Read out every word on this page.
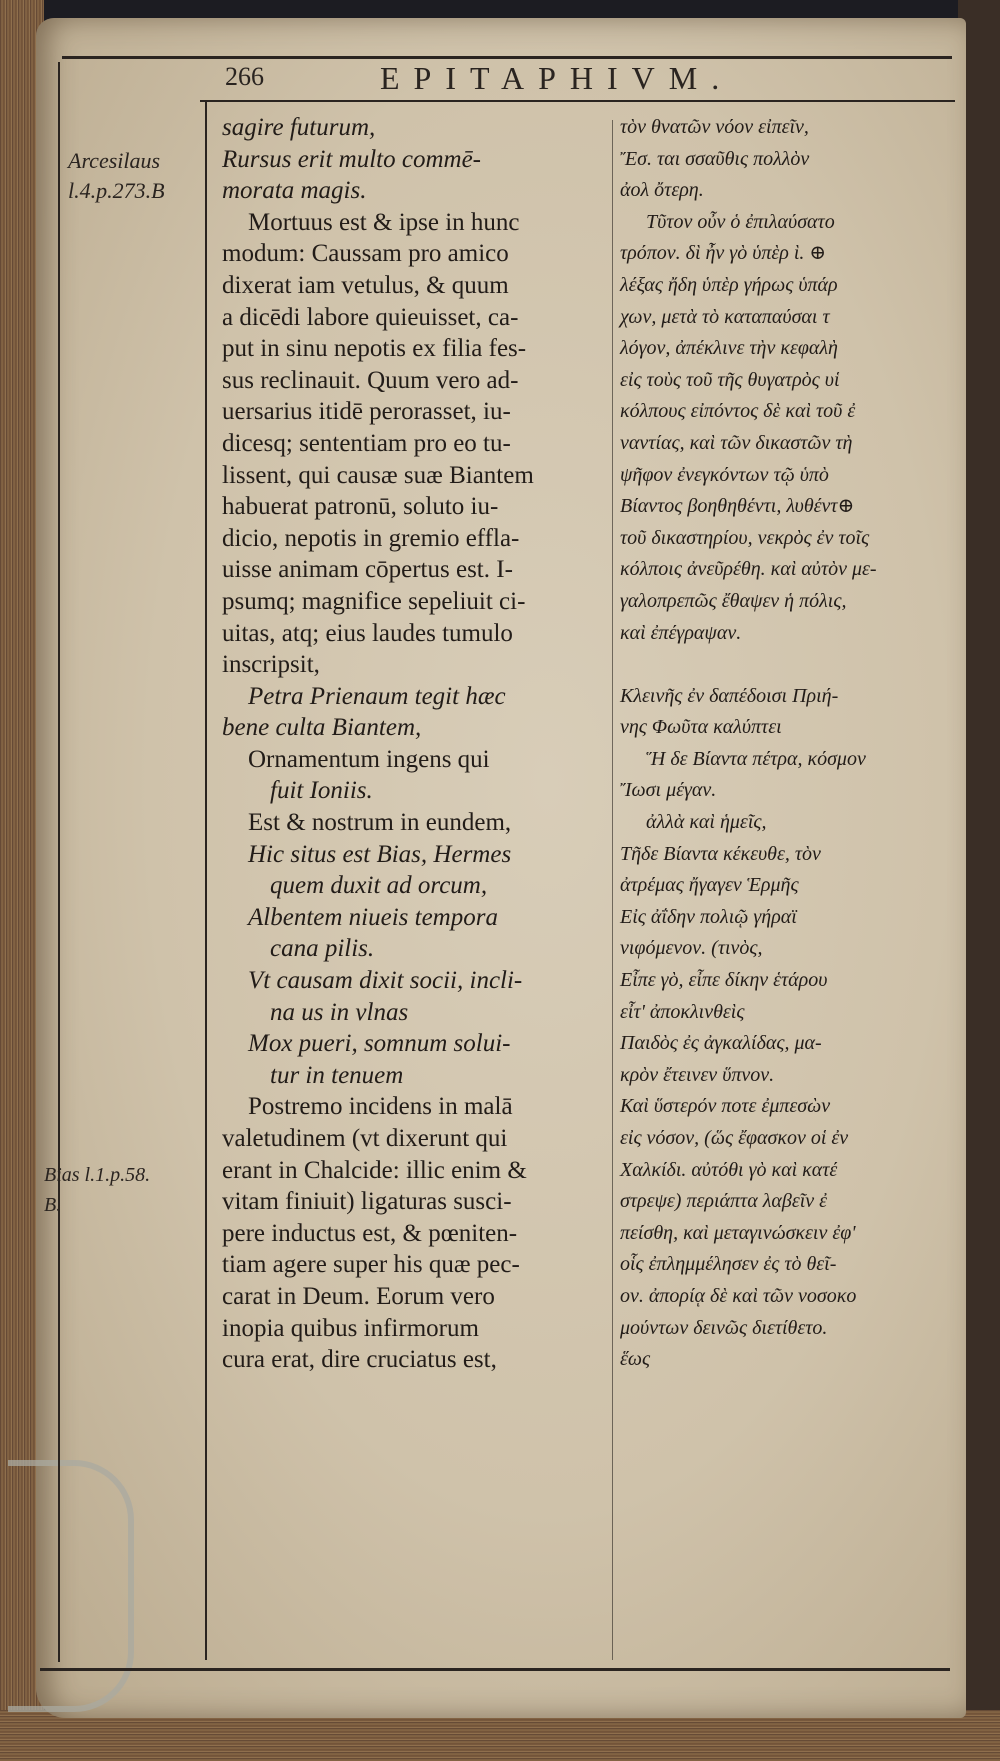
266	EPITAPHIVM.
Arcesilaus
l.4.p.273.B
Bias l.1.p.58.
B.
sagire futurum,
Rursus erit multo commē-
morata magis.
Mortuus est & ipse in hunc
modum: Caussam pro amico
dixerat iam vetulus, & quum
a dicēdi labore quieuisset, ca-
put in sinu nepotis ex filia fes-
sus reclinauit. Quum vero ad-
uersarius itidē perorasset, iu-
dicesq; sententiam pro eo tu-
lissent, qui causæ suæ Biantem
habuerat patronū, soluto iu-
dicio, nepotis in gremio effla-
uisse animam cōpertus est. I-
psumq; magnifice sepeliuit ci-
uitas, atq; eius laudes tumulo
inscripsit,
Petra Prienaum tegit hæc
bene culta Biantem,
Ornamentum ingens qui
fuit Ioniis.
Est & nostrum in eundem,
Hic situs est Bias, Hermes
quem duxit ad orcum,
Albentem niueis tempora
cana pilis.
Vt causam dixit socii, incli-
na us in vlnas
Mox pueri, somnum solui-
tur in tenuem
Postremo incidens in malā
valetudinem (vt dixerunt qui
erant in Chalcide: illic enim &
vitam finiuit) ligaturas susci-
pere inductus est, & pœniten-
tiam agere super his quæ pec-
carat in Deum. Eorum vero
inopia quibus infirmorum
cura erat, dire cruciatus est,
τὸν θνατῶν νόον εἰπεῖν,
Ἔσ. ται σσαῦθις πολλὸν
ἀολ ὄτερη.
Τῦτον οὖν ὁ ἐπιλαύσατο
τρόπον. δὶ ἦν γὸ ὑπὲρ ὶ. ⊕
λέξας ἤδη ὑπὲρ γήρως ὑπάρ
χων, μετὰ τὸ καταπαύσαι τ
λόγον, ἀπέκλινε τὴν κεφαλὴ
εἰς τοὺς τοῦ τῆς θυγατρὸς υἱ
κόλπους εἰπόντος δὲ καὶ τοῦ ἐ
ναντίας, καὶ τῶν δικαστῶν τὴ
ψῆφον ἐνεγκόντων τῷ ὑπὸ
Βίαντος βοηθηθέντι, λυθέντ⊕
τοῦ δικαστηρίου, νεκρὸς ἐν τοῖς
κόλποις ἀνεῦρέθη. καὶ αὐτὸν με-
γαλοπρεπῶς ἔθαψεν ἡ πόλις,
καὶ ἐπέγραψαν.
Κλεινῆς ἐν δαπέδοισι Πριή-
νης Φωῦτα καλύπτει
Ἥ δε Βίαντα πέτρα, κόσμον
Ἴωσι μέγαν.
ἀλλὰ καὶ ἡμεῖς,
Τῆδε Βίαντα κέκευθε, τὸν
ἀτρέμας ἤγαγεν Ἑρμῆς
Εἰς ἀΐδην πολιῷ γήραϊ
νιφόμενον. (τινὸς,
Εἶπε γὸ, εἶπε δίκην ἑτάρου
εἶτ' ἀποκλινθεὶς
Παιδὸς ἐς ἀγκαλίδας, μα-
κρὸν ἔτεινεν ὕπνον.
Καὶ ὕστερόν ποτε ἐμπεσὼν
εἰς νόσον, (ὥς ἔφασκον οἱ ἐν
Χαλκίδι. αὐτόθι γὸ καὶ κατέ
στρεψε) περιάπτα λαβεῖν ἐ
πείσθη, καὶ μεταγινώσκειν ἐφ'
οἷς ἐπλημμέλησεν ἐς τὸ θεῖ-
ον. ἀπορίᾳ δὲ καὶ τῶν νοσοκο
μούντων δεινῶς διετίθετο.
ἕως
